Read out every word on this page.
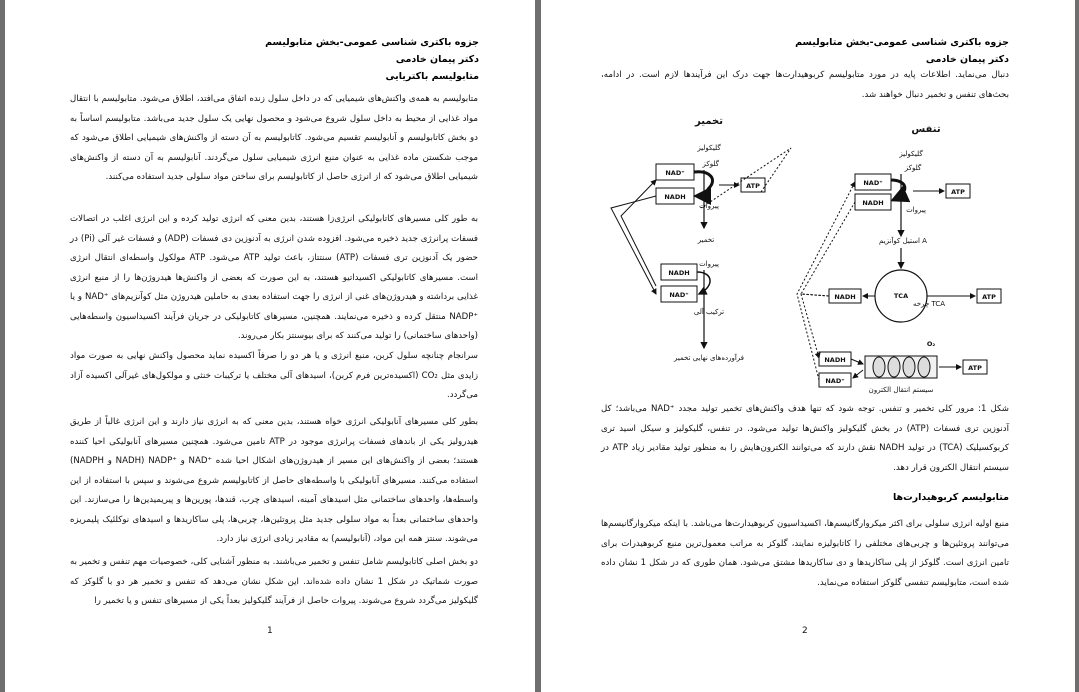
جزوه باکتری شناسی عمومی-بخش متابولیسم
دکتر پیمان خادمی
متابولیسم باکتریایی
متابولیسم به همه‌ی واکنش‌های شیمیایی که در داخل سلول زنده اتفاق می‌افتد، اطلاق می‌شود. متابولیسم با انتقال مواد غذایی از محیط به داخل سلول شروع می‌شود و محصول نهایی یک سلول جدید می‌باشد. متابولیسم اساساً به دو بخش کاتابولیسم و آنابولیسم تقسیم می‌شود. کاتابولیسم به آن دسته از واکنش‌های شیمیایی اطلاق می‌شود که موجب شکستن ماده غذایی به عنوان منبع انرژی شیمیایی سلول می‌گردند. آنابولیسم به آن دسته از واکنش‌های شیمیایی اطلاق می‌شود که از انرژی حاصل از کاتابولیسم برای ساختن مواد سلولی جدید استفاده می‌کنند.
به طور کلی مسیرهای کاتابولیکی انرژی‌زا هستند، بدین معنی که انرژی تولید کرده و این انرژی اغلب در اتصالات فسفات پرانرژی جدید ذخیره می‌شود. افزوده شدن انرژی به آدنوزین دی فسفات (ADP) و فسفات غیر آلی (Pi) در حضور یک آدنوزین تری فسفات (ATP) سنتتاز، باعث تولید ATP می‌شود. ATP مولکول واسطه‌ای انتقال انرژی است. مسیرهای کاتابولیکی اکسیداتیو هستند، به این صورت که بعضی از واکنش‌ها هیدروژن‌ها را از منبع انرژی غذایی برداشته و هیدروژن‌های غنی از انرژی را جهت استفاده بعدی به حاملین هیدروژن مثل کوآنزیم‌های ⁺NAD و یا ⁺NADP منتقل کرده و ذخیره می‌نمایند. همچنین، مسیرهای کاتابولیکی در جریان فرآیند اکسیداسیون واسطه‌هایی (واحدهای ساختمانی) را تولید می‌کنند که برای بیوسنتز بکار می‌روند.
سرانجام چنانچه سلول کربن، منبع انرژی و یا هر دو را صرفاً اکسیده نماید محصول واکنش نهایی به صورت مواد زایدی مثل CO₂ (اکسیده‌ترین فرم کربن)، اسیدهای آلی مختلف یا ترکیبات خنثی و مولکول‌های غیرآلی اکسیده آزاد می‌گردد.
بطور کلی مسیرهای آنابولیکی انرژی خواه هستند، بدین معنی که به انرژی نیاز دارند و این انرژی غالباً از طریق هیدرولیز یکی از باندهای فسفات پرانرژی موجود در ATP تامین می‌شود. همچنین مسیرهای آنابولیکی احیا کننده هستند؛ بعضی از واکنش‌های این مسیر از هیدروژن‌های اشکال احیا شده ⁺NAD و ⁺NADP (NADH و NADPH) استفاده می‌کنند. مسیرهای آنابولیکی با واسطه‌های حاصل از کاتابولیسم شروع می‌شوند و سپس با استفاده از این واسطه‌ها، واحدهای ساختمانی مثل اسیدهای آمینه، اسیدهای چرب، قندها، پورین‌ها و پیریمیدین‌ها را می‌سازند. این واحدهای ساختمانی بعداً به مواد سلولی جدید مثل پروتئین‌ها، چربی‌ها، پلی ساکاریدها و اسیدهای نوکلئیک پلیمریزه می‌شوند. سنتز همه این مواد، (آنابولیسم) به مقادیر زیادی انرژی نیاز دارد.
دو بخش اصلی کاتابولیسم شامل تنفس و تخمیر می‌باشند. به منظور آشنایی کلی، خصوصیات مهم تنفس و تخمیر به صورت شماتیک در شکل 1 نشان داده شده‌اند. این شکل نشان می‌دهد که تنفس و تخمیر هر دو با گلوکز که گلیکولیز می‌گردد شروع می‌شوند. پیروات حاصل از فرآیند گلیکولیز بعداً یکی از مسیرهای تنفس و یا تخمیر را
1
جزوه باکتری شناسی عمومی-بخش متابولیسم
دکتر پیمان خادمی
دنبال می‌نماید. اطلاعات پایه در مورد متابولیسم کربوهیدارت‌ها جهت درک این فرآیندها لازم است. در ادامه، بحث‌های تنفس و تخمیر دنبال خواهند شد.
تخمیر
گلیکولیز
گلوکز
NAD⁺
NADH
ATP
پیروات
تخمیر
پیروات
NADH
NAD⁺
ترکیب آلی
فرآورده‌های نهایی تخمیر
تنفس
گلیکولیز
گلوکز
NAD⁺
NADH
ATP
پیروات
استیل کوآنزیم A
TCA
چرخه TCA
NADH	ATP
NADH
NAD⁺
سیستم انتقال الکترون
O₂
ATP
شکل 1: مرور کلی تخمیر و تنفس. توجه شود که تنها هدف واکنش‌های تخمیر تولید مجدد ⁺NAD می‌باشد؛ کل آدنوزین تری فسفات (ATP) در بخش گلیکولیز واکنش‌ها تولید می‌شود. در تنفس، گلیکولیز و سیکل اسید تری کربوکسیلیک (TCA) در تولید NADH نقش دارند که می‌توانند الکترون‌هایش را به منظور تولید مقادیر زیاد ATP در سیستم انتقال الکترون قرار دهد.
متابولیسم کربوهیدارت‌ها
منبع اولیه انرژی سلولی برای اکثر میکروارگانیسم‌ها، اکسیداسیون کربوهیدارت‌ها می‌باشد. با اینکه میکروارگانیسم‌ها می‌توانند پروتئین‌ها و چربی‌های مختلفی را کاتابولیزه نمایند، گلوکز به مراتب معمول‌ترین منبع کربوهیدرات برای تامین انرژی است. گلوکز از پلی ساکاریدها و دی ساکاریدها مشتق می‌شود. همان طوری که در شکل 1 نشان داده شده است، متابولیسم تنفسی گلوکز استفاده می‌نماید.
2
